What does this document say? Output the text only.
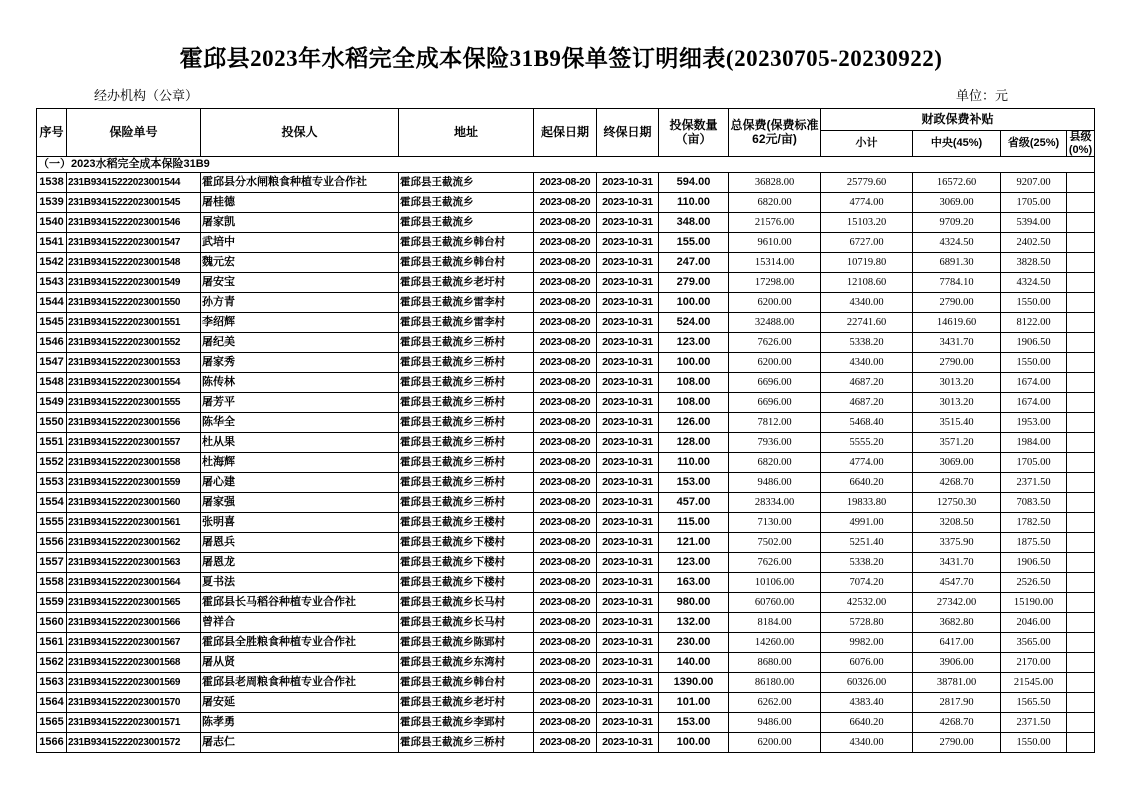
霍邱县2023年水稻完全成本保险31B9保单签订明细表(20230705-20230922)
经办机构（公章）	单位：元
序号	保险单号	投保人	地址	起保日期	终保日期	投保数量（亩）	总保费(保费标准62元/亩)	财政保费补贴			
								小计	中央(45%)	省级(25%)	县级(0%)
（一）2023水稻完全成本保险31B9											
1538	231B93415222023001544	霍邱县分水闸粮食种植专业合作社	霍邱县王截流乡	2023-08-20	2023-10-31	594.00	36828.00	25779.60	16572.60	9207.00	
1539	231B93415222023001545	屠桂德	霍邱县王截流乡	2023-08-20	2023-10-31	110.00	6820.00	4774.00	3069.00	1705.00	
1540	231B93415222023001546	屠家凯	霍邱县王截流乡	2023-08-20	2023-10-31	348.00	21576.00	15103.20	9709.20	5394.00	
1541	231B93415222023001547	武培中	霍邱县王截流乡韩台村	2023-08-20	2023-10-31	155.00	9610.00	6727.00	4324.50	2402.50	
1542	231B93415222023001548	魏元宏	霍邱县王截流乡韩台村	2023-08-20	2023-10-31	247.00	15314.00	10719.80	6891.30	3828.50	
1543	231B93415222023001549	屠安宝	霍邱县王截流乡老圩村	2023-08-20	2023-10-31	279.00	17298.00	12108.60	7784.10	4324.50	
1544	231B93415222023001550	孙方青	霍邱县王截流乡雷李村	2023-08-20	2023-10-31	100.00	6200.00	4340.00	2790.00	1550.00	
1545	231B93415222023001551	李绍辉	霍邱县王截流乡雷李村	2023-08-20	2023-10-31	524.00	32488.00	22741.60	14619.60	8122.00	
1546	231B93415222023001552	屠纪美	霍邱县王截流乡三桥村	2023-08-20	2023-10-31	123.00	7626.00	5338.20	3431.70	1906.50	
1547	231B93415222023001553	屠家秀	霍邱县王截流乡三桥村	2023-08-20	2023-10-31	100.00	6200.00	4340.00	2790.00	1550.00	
1548	231B93415222023001554	陈传林	霍邱县王截流乡三桥村	2023-08-20	2023-10-31	108.00	6696.00	4687.20	3013.20	1674.00	
1549	231B93415222023001555	屠芳平	霍邱县王截流乡三桥村	2023-08-20	2023-10-31	108.00	6696.00	4687.20	3013.20	1674.00	
1550	231B93415222023001556	陈华全	霍邱县王截流乡三桥村	2023-08-20	2023-10-31	126.00	7812.00	5468.40	3515.40	1953.00	
1551	231B93415222023001557	杜从果	霍邱县王截流乡三桥村	2023-08-20	2023-10-31	128.00	7936.00	5555.20	3571.20	1984.00	
1552	231B93415222023001558	杜海辉	霍邱县王截流乡三桥村	2023-08-20	2023-10-31	110.00	6820.00	4774.00	3069.00	1705.00	
1553	231B93415222023001559	屠心建	霍邱县王截流乡三桥村	2023-08-20	2023-10-31	153.00	9486.00	6640.20	4268.70	2371.50	
1554	231B93415222023001560	屠家强	霍邱县王截流乡三桥村	2023-08-20	2023-10-31	457.00	28334.00	19833.80	12750.30	7083.50	
1555	231B93415222023001561	张明喜	霍邱县王截流乡王楼村	2023-08-20	2023-10-31	115.00	7130.00	4991.00	3208.50	1782.50	
1556	231B93415222023001562	屠恩兵	霍邱县王截流乡下楼村	2023-08-20	2023-10-31	121.00	7502.00	5251.40	3375.90	1875.50	
1557	231B93415222023001563	屠恩龙	霍邱县王截流乡下楼村	2023-08-20	2023-10-31	123.00	7626.00	5338.20	3431.70	1906.50	
1558	231B93415222023001564	夏书法	霍邱县王截流乡下楼村	2023-08-20	2023-10-31	163.00	10106.00	7074.20	4547.70	2526.50	
1559	231B93415222023001565	霍邱县长马稻谷种植专业合作社	霍邱县王截流乡长马村	2023-08-20	2023-10-31	980.00	60760.00	42532.00	27342.00	15190.00	
1560	231B93415222023001566	曾祥合	霍邱县王截流乡长马村	2023-08-20	2023-10-31	132.00	8184.00	5728.80	3682.80	2046.00	
1561	231B93415222023001567	霍邱县全胜粮食种植专业合作社	霍邱县王截流乡陈郢村	2023-08-20	2023-10-31	230.00	14260.00	9982.00	6417.00	3565.00	
1562	231B93415222023001568	屠从贤	霍邱县王截流乡东湾村	2023-08-20	2023-10-31	140.00	8680.00	6076.00	3906.00	2170.00	
1563	231B93415222023001569	霍邱县老周粮食种植专业合作社	霍邱县王截流乡韩台村	2023-08-20	2023-10-31	1390.00	86180.00	60326.00	38781.00	21545.00	
1564	231B93415222023001570	屠安延	霍邱县王截流乡老圩村	2023-08-20	2023-10-31	101.00	6262.00	4383.40	2817.90	1565.50	
1565	231B93415222023001571	陈孝勇	霍邱县王截流乡李郢村	2023-08-20	2023-10-31	153.00	9486.00	6640.20	4268.70	2371.50	
1566	231B93415222023001572	屠志仁	霍邱县王截流乡三桥村	2023-08-20	2023-10-31	100.00	6200.00	4340.00	2790.00	1550.00	
